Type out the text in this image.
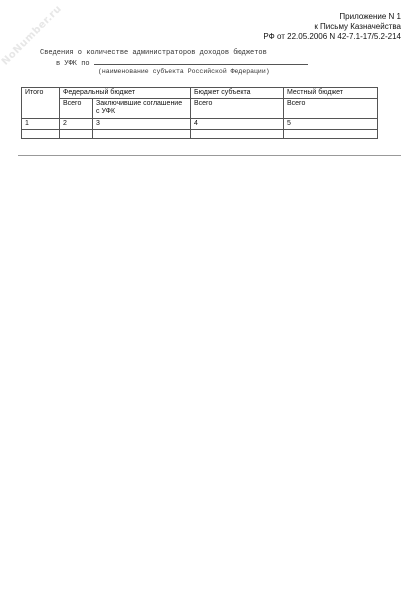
NoNumber.ru	Приложение N 1
к Письму Казначейства
РФ от 22.05.2006 N 42-7.1-17/5.2-214
Сведения о количестве администраторов доходов бюджетов
в УФК по
(наименование субъекта Российской Федерации)
Итого	Федеральный бюджет		Бюджет субъекта	Местный бюджет
	Всего	Заключившие соглашение с УФК	Всего	Всего
1	2	3	4	5
